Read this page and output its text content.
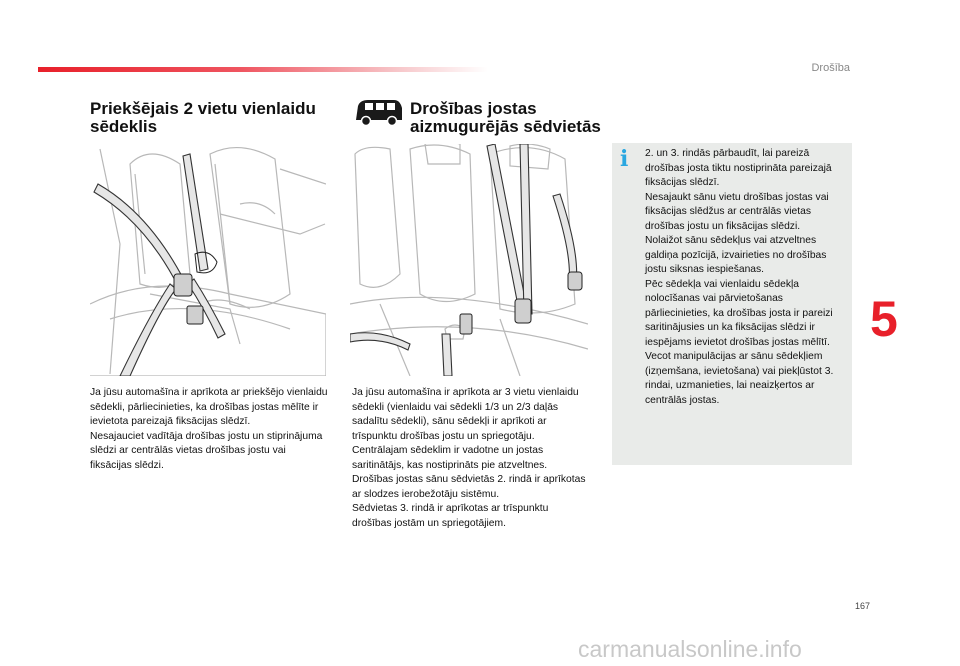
Drošība
5
Priekšējais 2 vietu vienlaidu
sēdeklis

Ja jūsu automašīna ir aprīkota ar priekšējo vienlaidu sēdekli, pārliecinieties, ka drošības jostas mēlīte ir ievietota pareizajā fiksācijas slēdzī.

Nesajauciet vadītāja drošības jostu un stiprinājuma slēdzi ar centrālās vietas drošības jostu vai fiksācijas slēdzi.

Drošības jostas
aizmugurējās sēdvietās

Ja jūsu automašīna ir aprīkota ar 3 vietu vienlaidu sēdekli (vienlaidu vai sēdekli 1/3 un 2/3 daļās sadalītu sēdekli), sānu sēdekļi ir aprīkoti ar trīspunktu drošības jostu un spriegotāju.

Centrālajam sēdeklim ir vadotne un jostas saritinātājs, kas nostiprināts pie atzveltnes.

Drošības jostas sānu sēdvietās 2. rindā ir aprīkotas ar slodzes ierobežotāju sistēmu.

Sēdvietas 3. rindā ir aprīkotas ar trīspunktu drošības jostām un spriegotājiem.

i 2. un 3. rindās pārbaudīt, lai pareizā drošības josta tiktu nostiprināta pareizajā fiksācijas slēdzī.

Nesajaukt sānu vietu drošības jostas vai fiksācijas slēdžus ar centrālās vietas drošības jostu un fiksācijas slēdzi.

Nolaižot sānu sēdekļus vai atzveltnes galdiņa pozīcijā, izvairieties no drošības jostu siksnas iespiešanas.

Pēc sēdekļa vai vienlaidu sēdekļa nolocīšanas vai pārvietošanas pārliecinieties, ka drošības josta ir pareizi saritinājusies un ka fiksācijas slēdzi ir iespējams ievietot drošības jostas mēlītī.

Vecot manipulācijas ar sānu sēdekļiem (izņemšana, ievietošana) vai piekļūstot 3. rindai, uzmanieties, lai neaizķertos ar centrālās jostas.

167
carmanualsonline.info
